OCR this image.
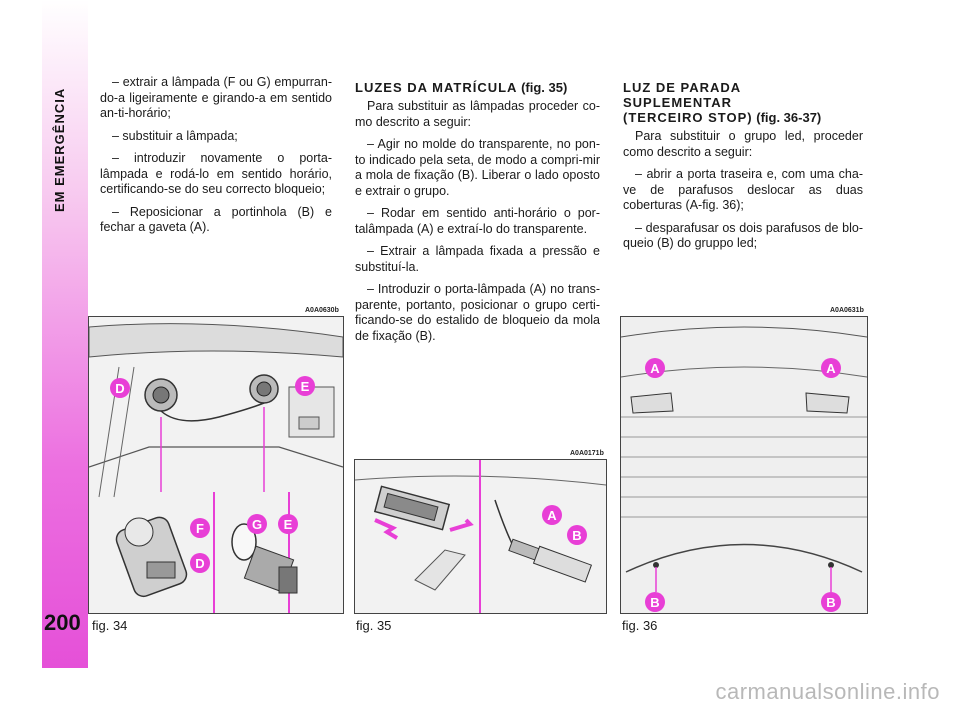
EM EMERGÊNCIA
200

– extrair a lâmpada (F ou G) empurran-do-a ligeiramente e girando-a em sentido an-ti-horário;

– substituir a lâmpada;

– introduzir novamente o porta-lâmpada e rodá-lo em sentido horário, certificando-se do seu correcto bloqueio;

– Reposicionar a portinhola (B) e fechar a gaveta (A).

LUZES DA MATRÍCULA (fig. 35)

Para substituir as lâmpadas proceder co-mo descrito a seguir:

– Agir no molde do transparente, no pon-to indicado pela seta, de modo a compri-mir a mola de fixação (B). Liberar o lado oposto e extrair o grupo.

– Rodar em sentido anti-horário o por-talâmpada (A) e extraí-lo do transparente.

– Extrair a lâmpada fixada a pressão e substituí-la.

– Introduzir o porta-lâmpada (A) no trans-parente, portanto, posicionar o grupo certi-ficando-se do estalido de bloqueio da mola de fixação (B).

LUZ DE PARADA
SUPLEMENTAR
(TERCEIRO STOP) (fig. 36-37)

Para substituir o grupo led, proceder como descrito a seguir:

– abrir a porta traseira e, com uma cha-ve de parafusos deslocar as duas coberturas (A-fig. 36);

– desparafusar os dois parafusos de blo-queio (B) do gruppo led;

A0A0630b
D	E
F	G E
D
fig. 34
A0A0171b
A
B
fig. 35
A0A0631b
A	A
B	B
fig. 36
carmanualsonline.info
